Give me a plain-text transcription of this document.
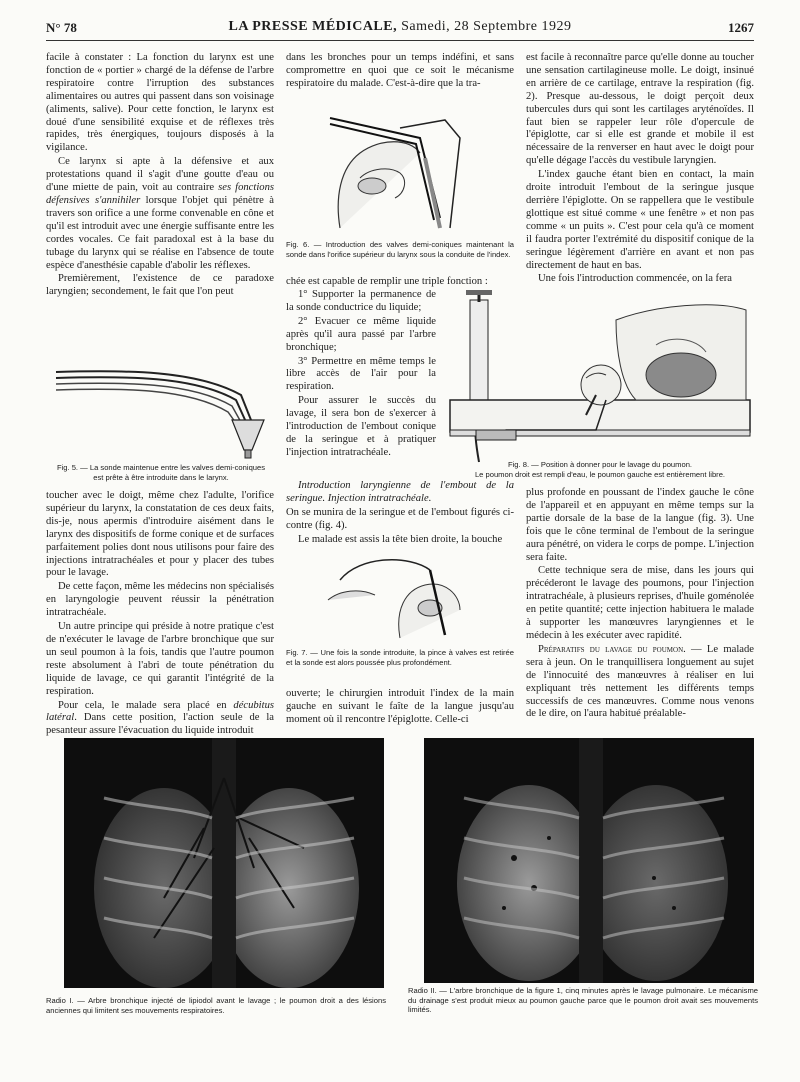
N° 78	LA PRESSE MÉDICALE, Samedi, 28 Septembre 1929	1267

facile à constater : La fonction du larynx est une fonction de « portier » chargé de la défense de l'arbre respiratoire contre l'irruption des substances alimentaires ou autres qui passent dans son voisinage (aliments, salive). Pour cette fonction, le larynx est doué d'une sensibilité exquise et de réflexes très rapides, très énergiques, toujours disposés à la vigilance.

Ce larynx si apte à la défensive et aux protestations quand il s'agit d'une goutte d'eau ou d'une miette de pain, voit au contraire ses fonctions défensives s'annihiler lorsque l'objet qui pénètre à travers son orifice a une forme convenable en cône et qu'il est introduit avec une énergie suffisante entre les cordes vocales. Ce fait paradoxal est à la base du tubage du larynx qui se réalise en l'absence de toute espèce d'anesthésie capable d'abolir les réflexes.

Premièrement, l'existence de ce paradoxe laryngien; secondement, le fait que l'on peut

Fig. 5. — La sonde maintenue entre les valves demi-coniques est prête à être introduite dans le larynx.

toucher avec le doigt, même chez l'adulte, l'orifice supérieur du larynx, la constatation de ces deux faits, dis-je, nous apermis d'introduire aisément dans le larynx des dispositifs de forme conique et de surfaces parfaitement polies dont nous utilisons pour faire des injections intratrachéales et pour y placer des tubes pour le lavage.

De cette façon, même les médecins non spécialisés en laryngologie peuvent réussir la pénétration intratrachéale.

Un autre principe qui préside à notre pratique c'est de n'exécuter le lavage de l'arbre bronchique que sur un seul poumon à la fois, tandis que l'autre poumon reste absolument à l'abri de toute pénétration du liquide de lavage, ce qui garantit l'intégrité de la respiration.

Pour cela, le malade sera placé en décubitus latéral. Dans cette position, l'action seule de la pesanteur assure l'évacuation du liquide introduit

dans les bronches pour un temps indéfini, et sans compromettre en quoi que ce soit le mécanisme respiratoire du malade. C'est-à-dire que la tra-

Fig. 6. — Introduction des valves demi-coniques maintenant la sonde dans l'orifice supérieur du larynx sous la conduite de l'index.

chée est capable de remplir une triple fonction :

1° Supporter la permanence de la sonde conductrice du liquide;

2° Evacuer ce même liquide après qu'il aura passé par l'arbre bronchique;

3° Permettre en même temps le libre accès de l'air pour la respiration.

Pour assurer le succès du lavage, il sera bon de s'exercer à l'introduction de l'embout conique de la seringue et à pratiquer l'injection intratrachéale.

Introduction laryngienne de l'embout de la seringue. Injection intratrachéale.

On se munira de la seringue et de l'embout figurés ci-contre (fig. 4).

Le malade est assis la tête bien droite, la bouche

Fig. 7. — Une fois la sonde introduite, la pince à valves est retirée et la sonde est alors poussée plus profondément.

ouverte; le chirurgien introduit l'index de la main gauche en suivant le faîte de la langue jusqu'au moment où il rencontre l'épiglotte. Celle-ci

est facile à reconnaître parce qu'elle donne au toucher une sensation cartilagineuse molle. Le doigt, insinué en arrière de ce cartilage, entrave la respiration (fig. 2). Presque au-dessous, le doigt perçoit deux tubercules durs qui sont les cartilages aryténoïdes. Il faut bien se rappeler leur rôle d'opercule de l'épiglotte, car si elle est grande et mobile il est nécessaire de la renverser en haut avec le doigt pour qu'elle dégage l'accès du vestibule laryngien.

L'index gauche étant bien en contact, la main droite introduit l'embout de la seringue jusque derrière l'épiglotte. On se rappellera que le vestibule glottique est situé comme « une fenêtre » et non pas comme « un puits ». C'est pour cela qu'à ce moment il faudra porter l'extrémité du dispositif conique de la seringue légèrement d'arrière en avant et non pas directement de haut en bas.

Une fois l'introduction commencée, on la fera

Fig. 8. — Position à donner pour le lavage du poumon.
Le poumon droit est rempli d'eau, le poumon gauche est entièrement libre.

plus profonde en poussant de l'index gauche le cône de l'appareil et en appuyant en même temps sur la partie dorsale de la base de la langue (fig. 3). Une fois que le cône terminal de l'embout de la seringue aura pénétré, on videra le corps de pompe. L'injection sera faite.

Cette technique sera de mise, dans les jours qui précéderont le lavage des poumons, pour l'injection intratrachéale, à plusieurs reprises, d'huile goménolée en petite quantité; cette injection habituera le malade à supporter les manœuvres laryngiennes et le médecin à les exécuter avec rapidité.

Préparatifs du lavage du poumon. — Le malade sera à jeun. On le tranquillisera longuement au sujet de l'innocuité des manœuvres à réaliser en lui expliquant très nettement les différents temps successifs de ces manœuvres. Comme nous venons de le dire, on l'aura habitué préalable-

Radio I. — Arbre bronchique injecté de lipiodol avant le lavage ; le poumon droit a des lésions anciennes qui limitent ses mouvements respiratoires.
Radio II. — L'arbre bronchique de la figure 1, cinq minutes après le lavage pulmonaire. Le mécanisme du drainage s'est produit mieux au poumon gauche parce que le poumon droit avait ses mouvements limités.
